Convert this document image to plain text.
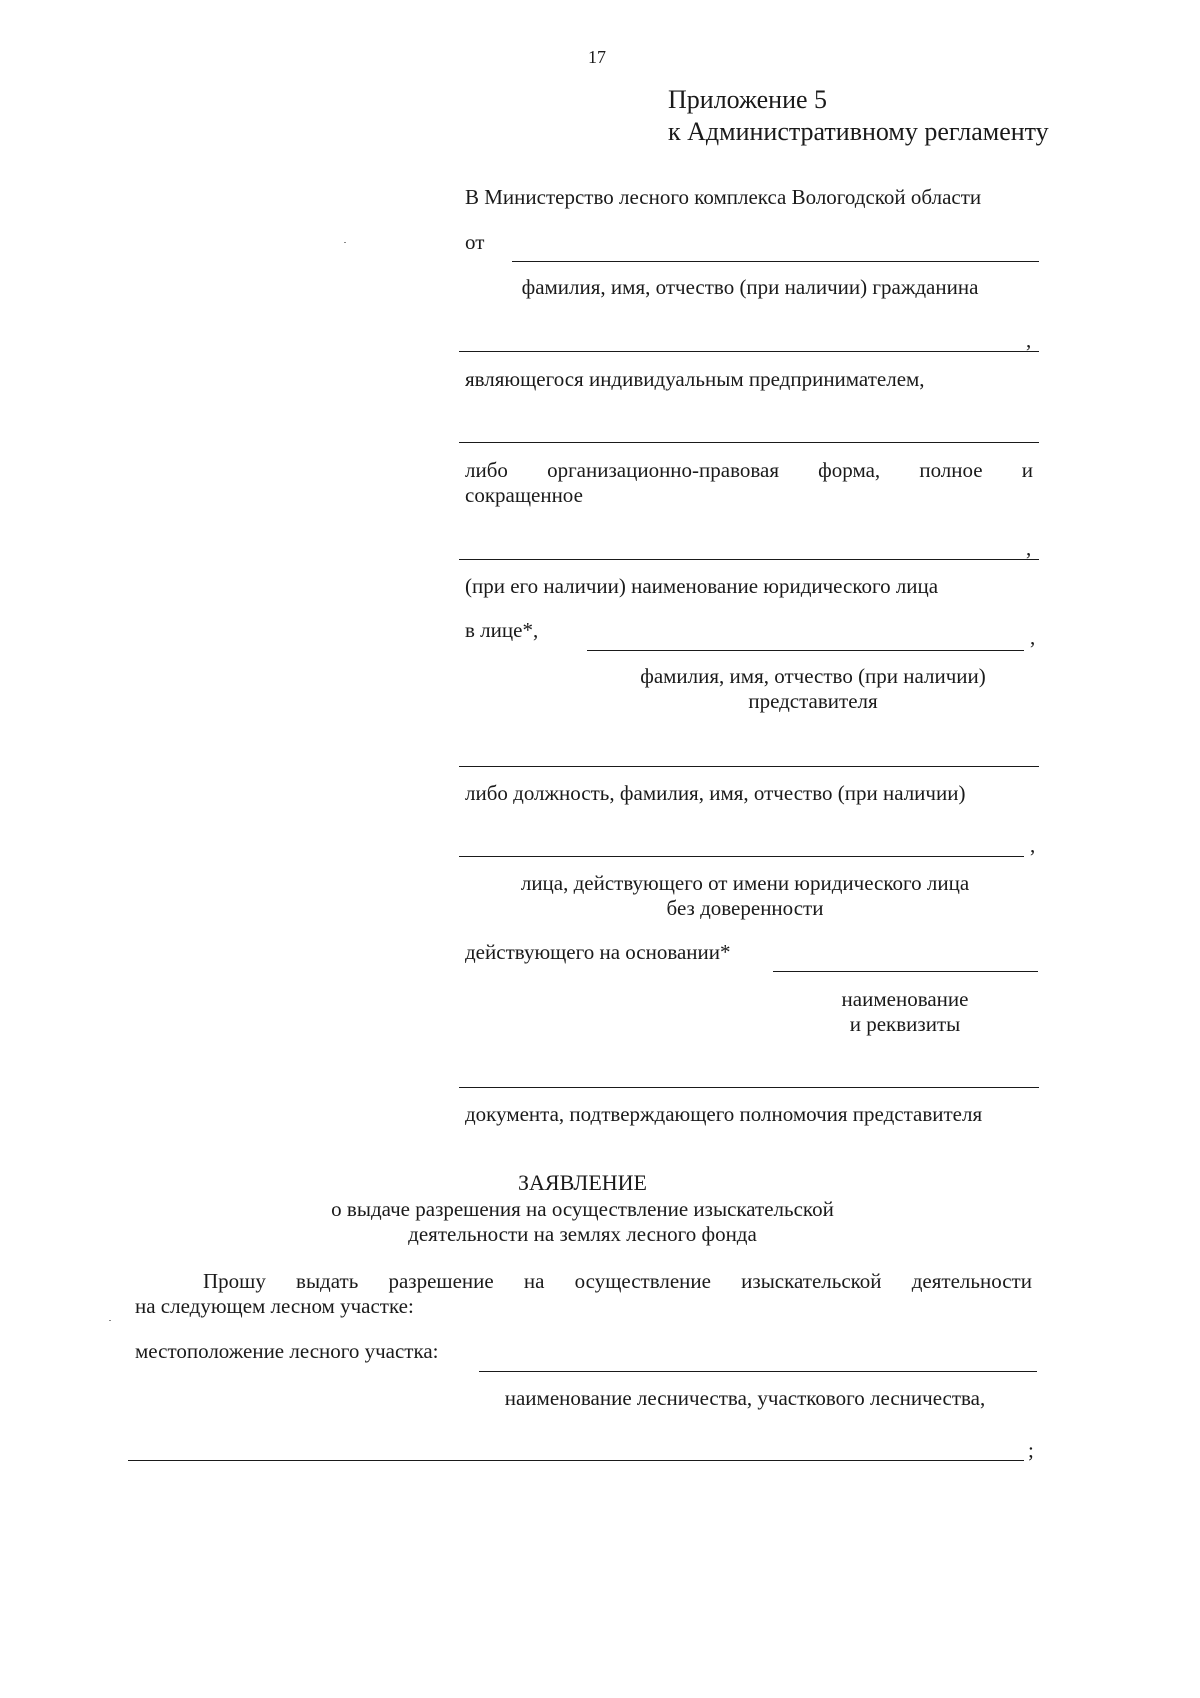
17
Приложение 5
к Административному регламенту
В Министерство лесного комплекса Вологодской области
от
фамилия, имя, отчество (при наличии) гражданина
,
являющегося индивидуальным предпринимателем,
либо организационно-правовая форма, полное и
сокращенное
,
(при его наличии) наименование юридического лица
в лице*,	,
фамилия, имя, отчество (при наличии)
представителя
либо должность, фамилия, имя, отчество (при наличии)
,
лица, действующего от имени юридического лица
без доверенности
действующего на основании*
наименование
и реквизиты
документа, подтверждающего полномочия представителя
ЗАЯВЛЕНИЕ
о выдаче разрешения на осуществление изыскательской
деятельности на землях лесного фонда
Прошу выдать разрешение на осуществление изыскательской деятельности
на следующем лесном участке:
местоположение лесного участка:
наименование лесничества, участкового лесничества,
;
